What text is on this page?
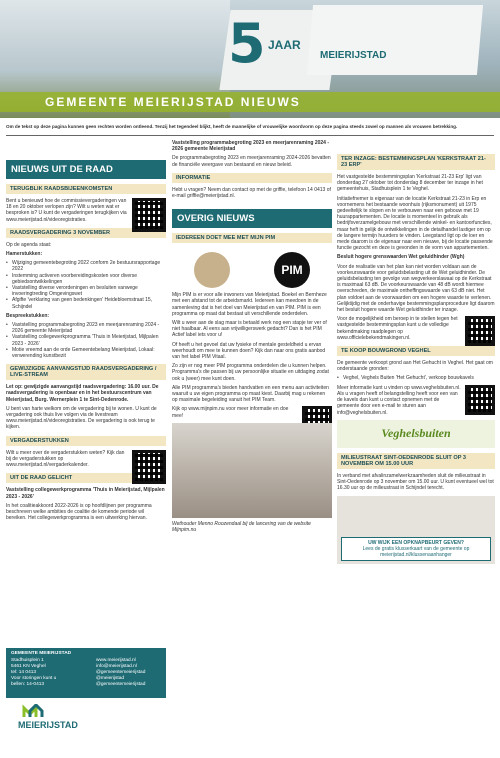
5 JAAR
MEIERIJSTAD
GEMEENTE MEIERIJSTAD NIEUWS
Om de tekst op deze pagina kunnen geen rechten worden ontleend. Tenzij het tegendeel blijkt, heeft de mannelijke of vrouwelijke woordvorm op deze pagina steeds zowel op mannen als vrouwen betrekking.
NIEUWS UIT DE RAAD
TERUGBLIK RAADSBIJEENKOMSTEN

Bent u benieuwd hoe de commissievergaderingen van 18 en 20 oktober verlopen zijn? Wilt u weten wat er besproken is? U kunt de vergaderingen terugkijken via www.meierijstad.nl/videoregistraties.

RAADSVERGADERING 3 NOVEMBER

Op de agenda staat:

Hamerstukken:

• Wijziging gemeentebegroting 2022 conform 2e bestuursrapportage 2022
• Instemming activeren voorbereidingskosten voor diverse gebiedsontwikkelingen
• Vaststelling diverse verordeningen en besluiten vanwege invoeringtreding Omgevingswet
• Afgifte 'verklaring van geen bedenkingen' Heidebloemstraat 15, Schijndel

Bespreekstukken:

• Vaststelling programmabegroting 2023 en meerjarenraming 2024 - 2026 gemeente Meierijstad
• Vaststelling collegewerkprogramma 'Thuis in Meierijstad, Mijlpalen 2023 - 2026'
• Motie vreemd aan de orde Gemeentebelang Meierijstad, Lokaal: verwerending kunstbezit
GEWIJZIGDE AANVANGSTIJD RAADSVERGADERING / LIVE-STREAM

Let op: gewijzigde aanvangstijd raadsvergadering: 16.00 uur. De raadsvergadering is openbaar en in het bestuurscentrum van Meierijstad, Burg. Wernerplein 1 te Sint-Oedenrode.

U bent van harte welkom om de vergadering bij te wonen. U kunt de vergadering ook thuis live volgen via de livestream www.meierijstad.nl/videoregistraties. De vergadering is ook terug te kijken.

VERGADERSTUKKEN

Wilt u meer over de vergaderstukken weten? Kijk dan bij de vergaderstukken op www.meierijstad.nl/vergaderkalender.

UIT DE RAAD GELICHT

Vaststelling collegewerkprogramma 'Thuis in Meierijstad, Mijlpalen 2023 - 2026'

In het coalitieakkoord 2022-2026 is op hoofdlijnen per programma beschreven welke ambities de coalitie de komende periode wil bereiken. Het collegewerkprogramma is een uitwerking hiervan.

GEMEENTE MEIERIJSTAD
Stadhuisplein 1
5461 KN Veghel
tel: 14 0413
Voor storingen kunt u
bellen: 14-0413
www.meierijstad.nl
info@meierijstad.nl
@gemeentemeierijstad
@meierijstad
@gemeentemeierijstad
MEIERIJSTAD

Vaststelling programmabegroting 2023 en meerjarenraming 2024 - 2026 gemeente Meierijstad

De programmabegroting 2023 en meerjarenraming 2024-2026 bevatten de financiële weergave van bestaand en nieuw beleid.

INFORMATIE

Hebt u vragen? Neem dan contact op met de griffie, telefoon 14 0413 of e-mail griffie@meierijstad.nl.

OVERIG NIEUWS
IEDEREEN DOET MEE MET MIJN PIM
PIM

Mijn PIM is er voor alle inwoners van Meierijstad. Boekel en Bernheze met een afstand tot de arbeidsmarkt. Iedereen kan meedoen in de samenleving dat is het doel van Meierijstad en van PIM. PIM is een programma op maat dat bestaat uit verschillende onderdelen.

Wilt u weer aan de slag maar is betaald werk nog een stapje ter ver of niet haalbaar. Al eens aan vrijwilligerswerk gedacht? Dan is het PIM Actief label iets voor u!

Of heeft u het gevoel dat uw fysieke of mentale gesteldheid u ervan weerhoudt om mee te kunnen doen? Kijk dan naar ons gratis aanbod van het label PIM Vitaal.

Zo zijn er nog meer PIM programma onderdelen die u kunnen helpen. Programma's die passen bij uw persoonlijke situatie en uitdaging zodat ook u (weer) mee kunt doen.

Alle PIM programma's bieden handvatten en een menu aan activiteiten waaruit u uw eigen programma op maat kiest. Daarbij mag u rekenen op maximale begeleiding vanuit het PIM Team.

Kijk op www.mijnpim.nu voor meer informatie en doe mee!

Wethouder Menno Roozendaal bij de lancering van de website Mijnpim.nu

TER INZAGE: BESTEMMINGSPLAN 'KERKSTRAAT 21-23 ERP'

Het vastgestelde bestemmingsplan 'Kerkstraat 21-23 Erp' ligt van donderdag 27 oktober tot donderdag 8 december ter inzage in het gemeentehuis, Stadhuisplein 1 te Veghel.

Initiatiefnemer is eigenaar van de locatie Kerkstraat 21-23 in Erp en voornemens het bestaande woonhuis (rijksmonument) uit 1975 gedeeltelijk te slopen en te verbouwen naar een gebouw met 19 huurappartementen. De locatie is momenteel in gebruik als bedrijfsverzamelgebouw met verschillende winkel- en kantoorfuncties, maar heft in gelijk de ontwikkelingen in de detailhandel lastiger om op de langere termijn huurders te vinden. Leegstand ligt op de loer en mede daarom is de eigenaar naar een nieuwe, bij de locatie passende functie gezocht en deze is gevonden in de vorm van appartementen.

Besluit hogere grenswaarden Wet geluidhinder (Wgh)

Voor de realisatie van het plan kan niet worden voldaan aan de voorkeurswaarde voor geluidsbelasting uit de Wet geluidhinder. De geluidsbelasting ten gevolge van wegverkeerslawaai op de Kerkstraat is maximaal 63 dB. De voorkeurswaarde van 48 dB wordt hiermee overschreden, de maximale ontheffingswaarde van 63 dB niet. Het plan voldoet aan de voorwaarden om een hogere waarde te verlenen. Gelijktijdig met de onderhavige bestemmingsplanprocedure ligt daarom het besluit hogere waarde Wet geluidhinder ter inzage.

Voor de mogelijkheid om beroep in te stellen tegen het vastgestelde bestemmingsplan kunt u de volledige bekendmaking raadplegen op www.officielebekendmakingen.nl.

TE KOOP BOUWGROND VEGHEL

De gemeente verkoopt grond aan Het Gehucht in Veghel. Het gaat om onderstaande gronden:

• Veghel, Veghels Buiten 'Het Gehucht', verkoop bouwkavels

Meer informatie kunt u vinden op www.veghelsbuiten.nl. Als u vragen heeft of belangstelling heeft voor een van de kavels dan kunt u contact opnemen met de gemeente door een e-mail te sturen aan info@veghelsbuiten.nl.

Veghelsbuiten
MILIEUSTRAAT SINT-OEDENRODE SLUIT OP 3 NOVEMBER OM 15.00 UUR

In verband met afvalinzamelwerkzaamheden sluit de milieustraat in Sint-Oedenrode op 3 november om 15.00 uur. U kunt eventueel wel tot 16.30 uur op de milieustraat in Schijndel terecht.

UW WIJK EEN OPKNAPBEURT GEVEN?
Lees de gratis klusserkaart van de gemeente op meierijstad.nl/klussenaanhanger
